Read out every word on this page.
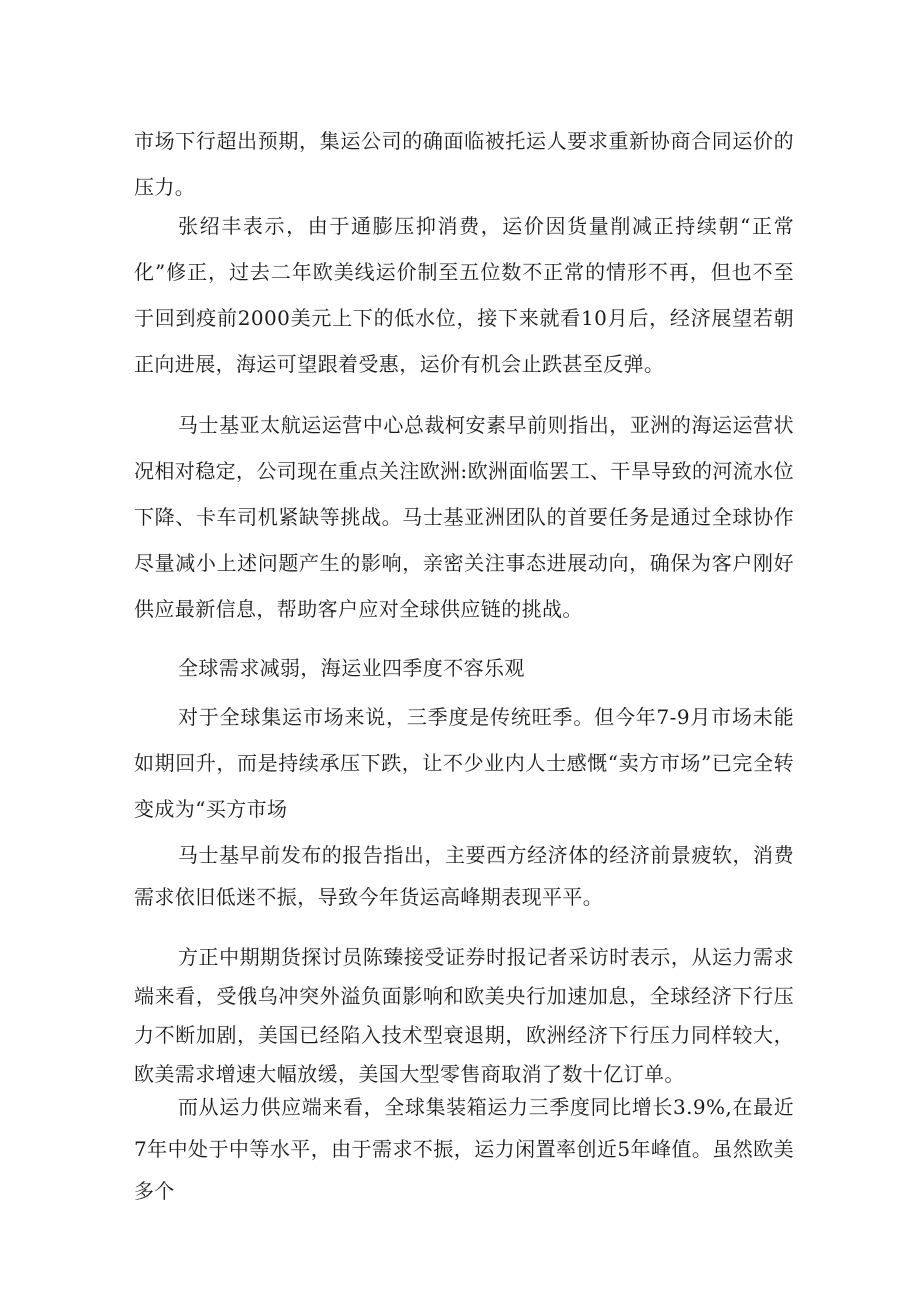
市场下行超出预期，集运公司的确面临被托运人要求重新协商合同运价的压力。

张绍丰表示，由于通膨压抑消费，运价因货量削减正持续朝“正常化”修正，过去二年欧美线运价制至五位数不正常的情形不再，但也不至于回到疫前2000美元上下的低水位，接下来就看10月后，经济展望若朝正向进展，海运可望跟着受惠，运价有机会止跌甚至反弹。

马士基亚太航运运营中心总裁柯安素早前则指出，亚洲的海运运营状况相对稳定，公司现在重点关注欧洲:欧洲面临罢工、干旱导致的河流水位下降、卡车司机紧缺等挑战。马士基亚洲团队的首要任务是通过全球协作尽量减小上述问题产生的影响，亲密关注事态进展动向，确保为客户刚好供应最新信息，帮助客户应对全球供应链的挑战。

全球需求减弱，海运业四季度不容乐观

对于全球集运市场来说，三季度是传统旺季。但今年7-9月市场未能如期回升，而是持续承压下跌，让不少业内人士感慨“卖方市场”已完全转变成为“买方市场

马士基早前发布的报告指出，主要西方经济体的经济前景疲软，消费需求依旧低迷不振，导致今年货运高峰期表现平平。

方正中期期货探讨员陈臻接受证券时报记者采访时表示，从运力需求端来看，受俄乌冲突外溢负面影响和欧美央行加速加息，全球经济下行压力不断加剧，美国已经陷入技术型衰退期，欧洲经济下行压力同样较大，欧美需求增速大幅放缓，美国大型零售商取消了数十亿订单。

而从运力供应端来看，全球集装箱运力三季度同比增长3.9%,在最近7年中处于中等水平，由于需求不振，运力闲置率创近5年峰值。虽然欧美多个
